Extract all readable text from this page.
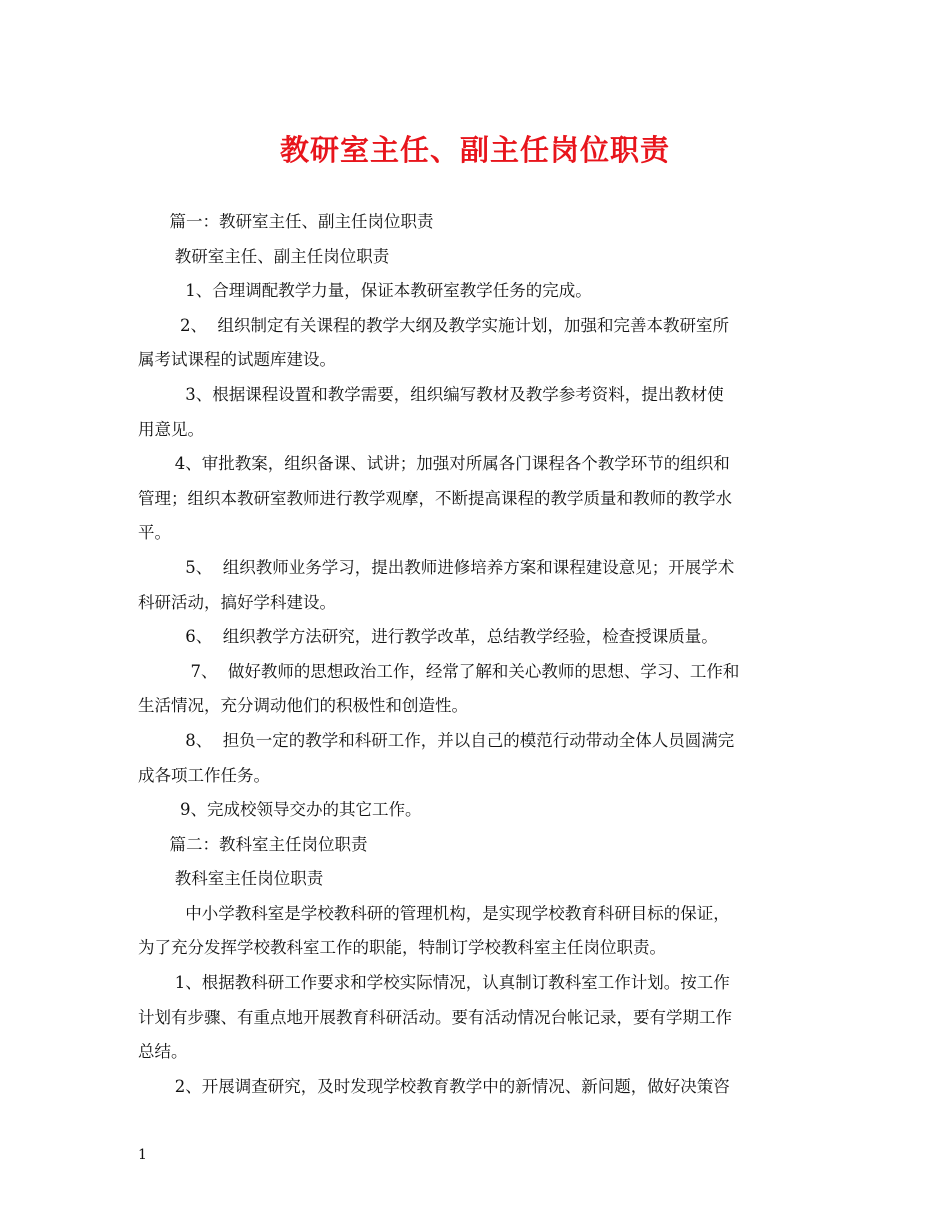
教研室主任、副主任岗位职责

篇一：教研室主任、副主任岗位职责

教研室主任、副主任岗位职责

1、合理调配教学力量，保证本教研室教学任务的完成。

2、  组织制定有关课程的教学大纲及教学实施计划，加强和完善本教研室所

属考试课程的试题库建设。

3、根据课程设置和教学需要，组织编写教材及教学参考资料，提出教材使

用意见。

4、审批教案，组织备课、试讲；加强对所属各门课程各个教学环节的组织和

管理；组织本教研室教师进行教学观摩，不断提高课程的教学质量和教师的教学水

平。

5、  组织教师业务学习，提出教师进修培养方案和课程建设意见；开展学术

科研活动，搞好学科建设。

6、  组织教学方法研究，进行教学改革，总结教学经验，检查授课质量。

7、  做好教师的思想政治工作，经常了解和关心教师的思想、学习、工作和

生活情况，充分调动他们的积极性和创造性。

8、  担负一定的教学和科研工作，并以自己的模范行动带动全体人员圆满完

成各项工作任务。

9、完成校领导交办的其它工作。

篇二：教科室主任岗位职责

教科室主任岗位职责

中小学教科室是学校教科研的管理机构，是实现学校教育科研目标的保证，

为了充分发挥学校教科室工作的职能，特制订学校教科室主任岗位职责。

1、根据教科研工作要求和学校实际情况，认真制订教科室工作计划。按工作

计划有步骤、有重点地开展教育科研活动。要有活动情况台帐记录，要有学期工作

总结。

2、开展调查研究，及时发现学校教育教学中的新情况、新问题，做好决策咨

1
